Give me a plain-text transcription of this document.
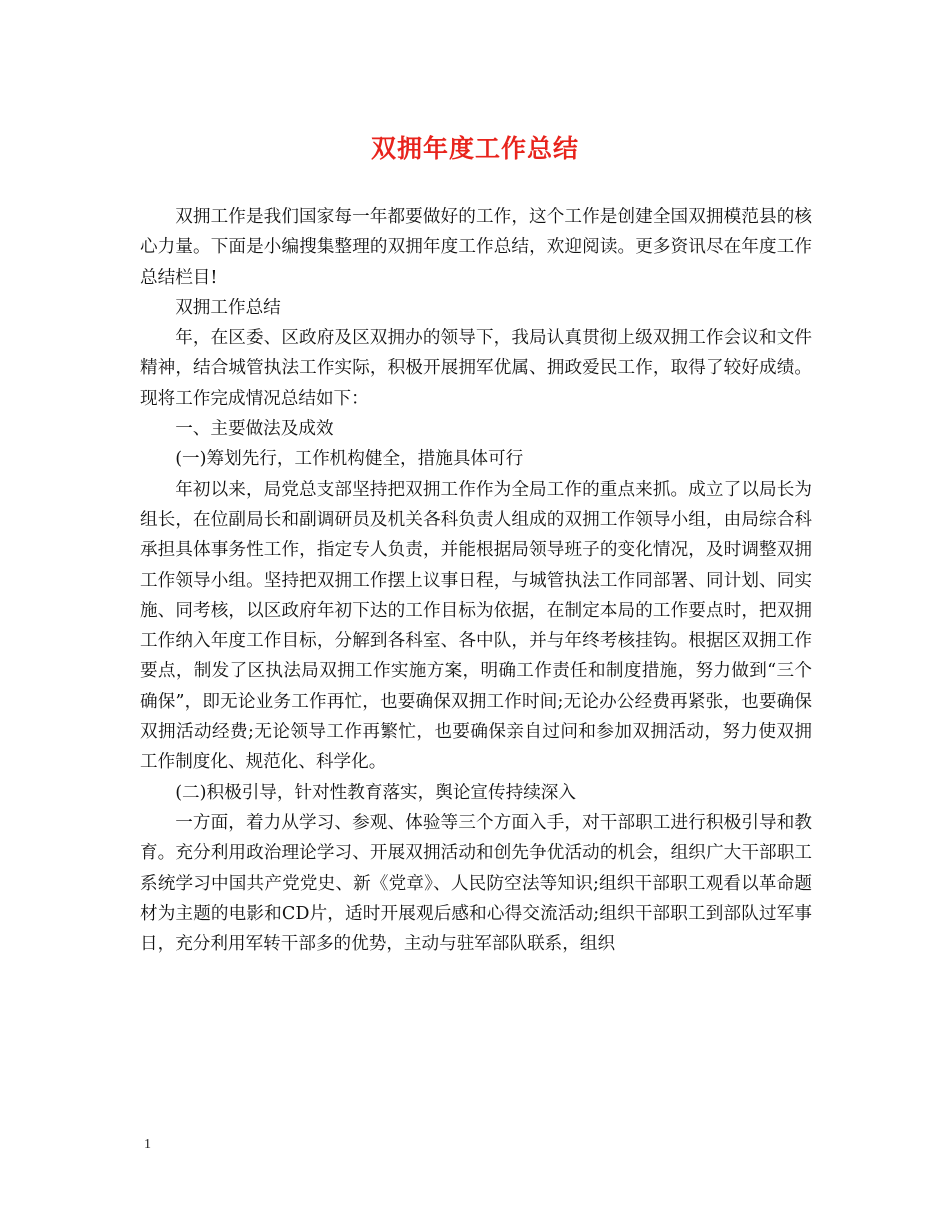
双拥年度工作总结

双拥工作是我们国家每一年都要做好的工作，这个工作是创建全国双拥模范县的核心力量。下面是小编搜集整理的双拥年度工作总结，欢迎阅读。更多资讯尽在年度工作总结栏目!

双拥工作总结

年，在区委、区政府及区双拥办的领导下，我局认真贯彻上级双拥工作会议和文件精神，结合城管执法工作实际，积极开展拥军优属、拥政爱民工作，取得了较好成绩。现将工作完成情况总结如下：

一、主要做法及成效

(一)筹划先行，工作机构健全，措施具体可行

年初以来，局党总支部坚持把双拥工作作为全局工作的重点来抓。成立了以局长为组长，在位副局长和副调研员及机关各科负责人组成的双拥工作领导小组，由局综合科承担具体事务性工作，指定专人负责，并能根据局领导班子的变化情况，及时调整双拥工作领导小组。坚持把双拥工作摆上议事日程，与城管执法工作同部署、同计划、同实施、同考核，以区政府年初下达的工作目标为依据，在制定本局的工作要点时，把双拥工作纳入年度工作目标，分解到各科室、各中队，并与年终考核挂钩。根据区双拥工作要点，制发了区执法局双拥工作实施方案，明确工作责任和制度措施，努力做到“三个确保”，即无论业务工作再忙，也要确保双拥工作时间;无论办公经费再紧张，也要确保双拥活动经费;无论领导工作再繁忙，也要确保亲自过问和参加双拥活动，努力使双拥工作制度化、规范化、科学化。

(二)积极引导，针对性教育落实，舆论宣传持续深入

一方面，着力从学习、参观、体验等三个方面入手，对干部职工进行积极引导和教育。充分利用政治理论学习、开展双拥活动和创先争优活动的机会，组织广大干部职工系统学习中国共产党党史、新《党章》、人民防空法等知识;组织干部职工观看以革命题材为主题的电影和CD片，适时开展观后感和心得交流活动;组织干部职工到部队过军事日，充分利用军转干部多的优势，主动与驻军部队联系，组织

1
